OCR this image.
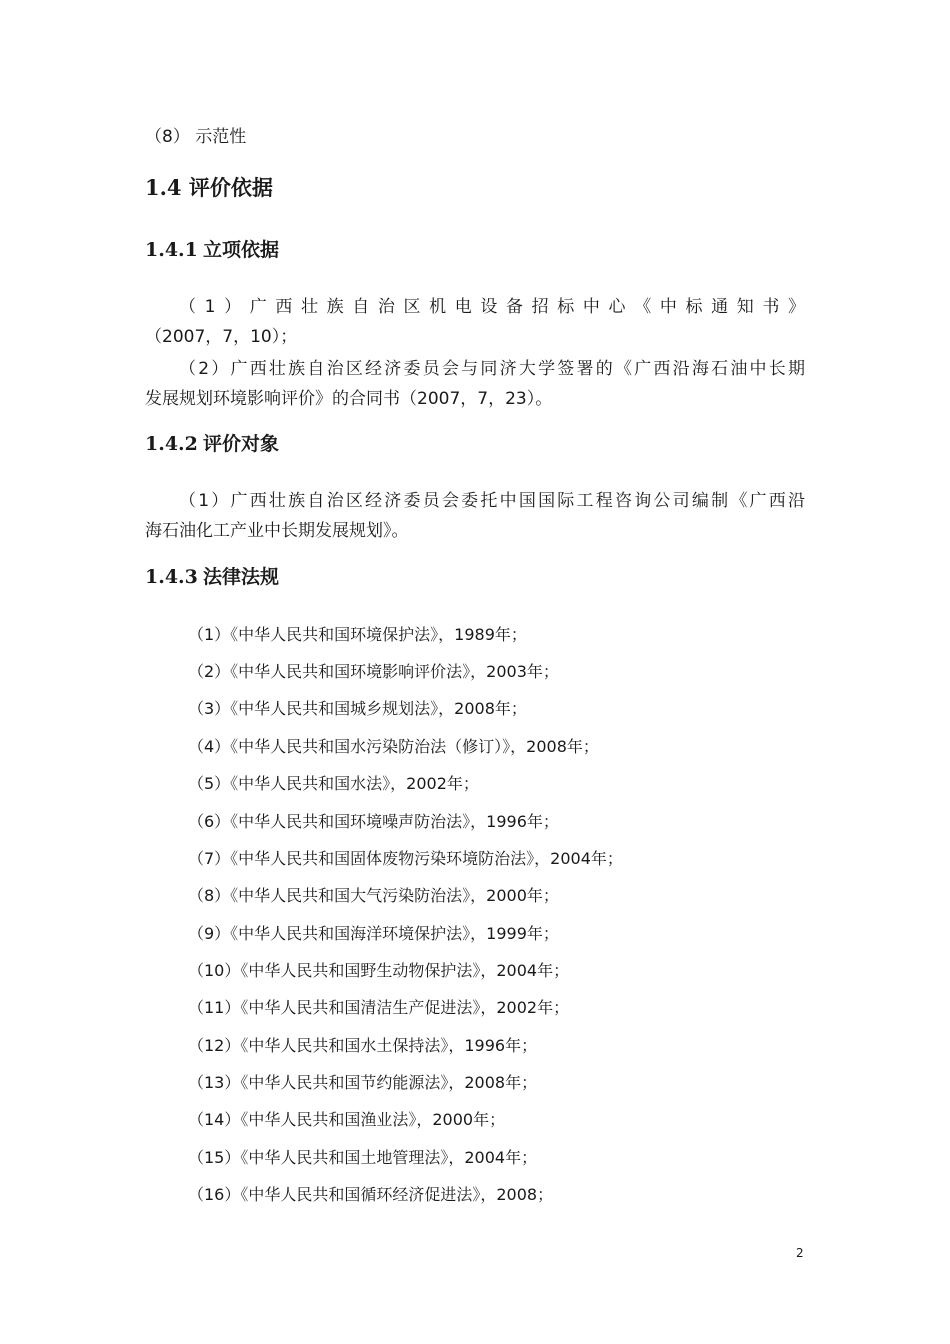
（8） 示范性
1.4 评价依据
1.4.1 立项依据
（1）广西壮族自治区机电设备招标中心《中标通知书》
（2007，7，10）；
（2）广西壮族自治区经济委员会与同济大学签署的《广西沿海石油中长期
发展规划环境影响评价》的合同书（2007，7，23）。
1.4.2 评价对象
（1）广西壮族自治区经济委员会委托中国国际工程咨询公司编制《广西沿
海石油化工产业中长期发展规划》。
1.4.3 法律法规
（1）《中华人民共和国环境保护法》，1989年；
（2）《中华人民共和国环境影响评价法》，2003年；
（3）《中华人民共和国城乡规划法》，2008年；
（4）《中华人民共和国水污染防治法（修订）》，2008年；
（5）《中华人民共和国水法》，2002年；
（6）《中华人民共和国环境噪声防治法》，1996年；
（7）《中华人民共和国固体废物污染环境防治法》，2004年；
（8）《中华人民共和国大气污染防治法》，2000年；
（9）《中华人民共和国海洋环境保护法》，1999年；
（10）《中华人民共和国野生动物保护法》，2004年；
（11）《中华人民共和国清洁生产促进法》，2002年；
（12）《中华人民共和国水土保持法》，1996年；
（13）《中华人民共和国节约能源法》，2008年；
（14）《中华人民共和国渔业法》，2000年；
（15）《中华人民共和国土地管理法》，2004年；
（16）《中华人民共和国循环经济促进法》，2008；
2
